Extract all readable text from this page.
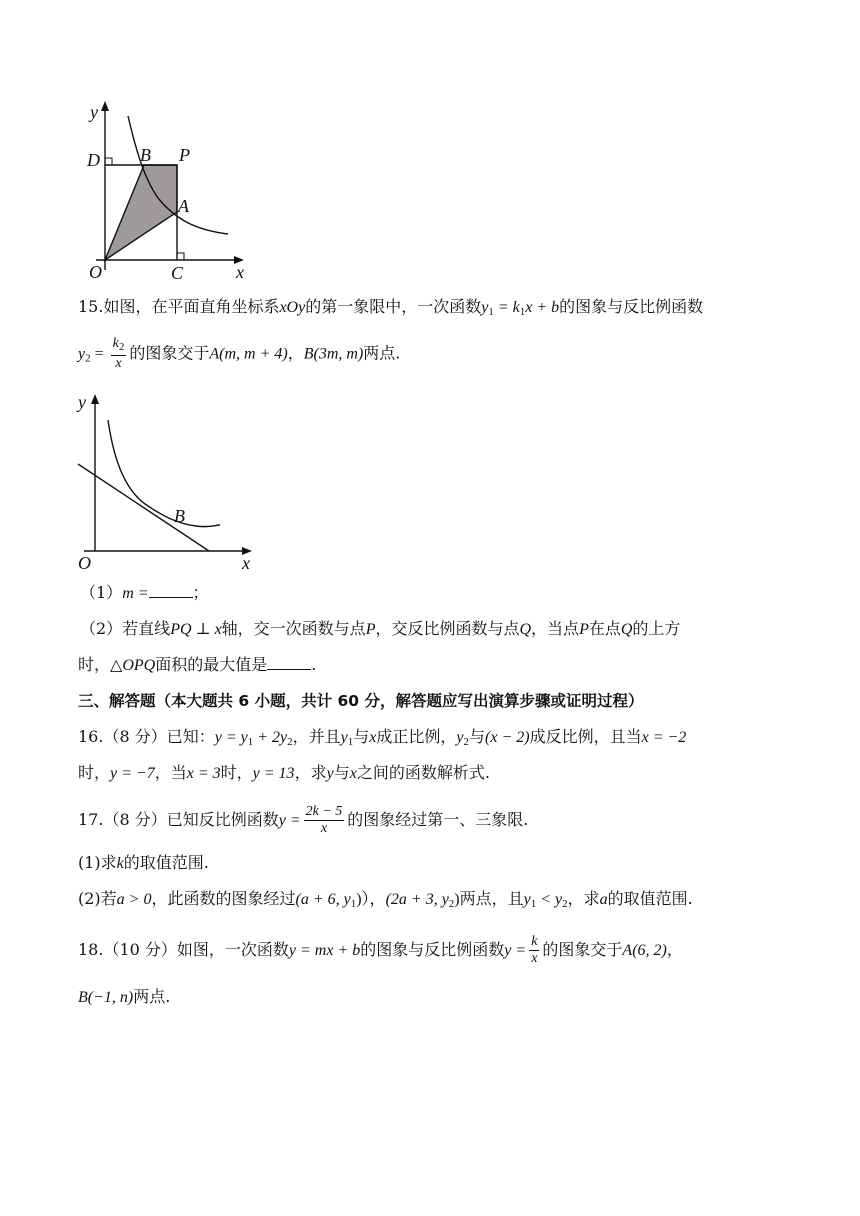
y
D B P
A
O	C	x
15.如图，在平面直角坐标系xOy的第一象限中，一次函数$y_1 = k_1x + b$的图象与反比例函数
$y_2 = \frac{k_2}{x}$ 的图象交于A(m, m + 4)，B(3m, m)两点.
y
B
O	x
（1）m =	；
（2）若直线PQ ⊥ x轴，交一次函数与点P，交反比例函数与点Q，当点P在点Q的上方
时，△OPQ面积的最大值是	.
三、解答题（本大题共 6 小题，共计 60 分，解答题应写出演算步骤或证明过程）
16.（8 分）已知：$y = y_1 + 2y_2$，并且$y_1$与x成正比例，$y_2$与(x − 2)成反比例，且当x = −2
时，y = −7，当x = 3时，y = 13，求y与x之间的函数解析式.
17.（8 分）已知反比例函数$y = \frac{2k - 5}{x}$ 的图象经过第一、三象限.
(1)求k的取值范围.
(2)若a > 0，此函数的图象经过(a + 6, $y_1$)），(2a + 3, $y_2$)两点，且$y_1 < y_2$，求a的取值范围.
18.（10 分）如图，一次函数y = mx + b的图象与反比例函数$y = \frac{k}{x}$ 的图象交于A(6, 2)，
B(−1, n)两点.
